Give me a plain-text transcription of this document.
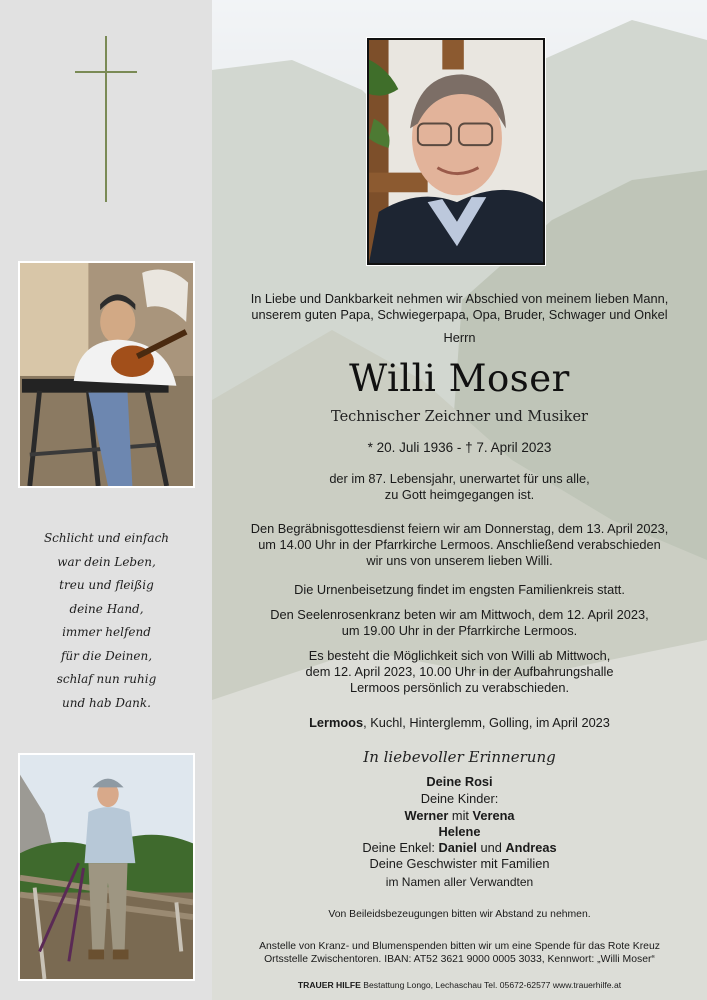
Schlicht und einfach
war dein Leben,
treu und fleißig
deine Hand,
immer helfend
für die Deinen,
schlaf nun ruhig
und hab Dank.
In Liebe und Dankbarkeit nehmen wir Abschied von meinem lieben Mann,
unserem guten Papa, Schwiegerpapa, Opa, Bruder, Schwager und Onkel
Herrn
Willi Moser
Technischer Zeichner und Musiker
* 20. Juli 1936 - † 7. April 2023
der im 87. Lebensjahr, unerwartet für uns alle,
zu Gott heimgegangen ist.
Den Begräbnisgottesdienst feiern wir am Donnerstag, dem 13. April 2023,
um 14.00 Uhr in der Pfarrkirche Lermoos. Anschließend verabschieden
wir uns von unserem lieben Willi.
Die Urnenbeisetzung findet im engsten Familienkreis statt.
Den Seelenrosenkranz beten wir am Mittwoch, dem 12. April 2023,
um 19.00 Uhr in der Pfarrkirche Lermoos.
Es besteht die Möglichkeit sich von Willi ab Mittwoch,
dem 12. April 2023, 10.00 Uhr in der Aufbahrungshalle
Lermoos persönlich zu verabschieden.
Lermoos, Kuchl, Hinterglemm, Golling, im April 2023
In liebevoller Erinnerung
Deine Rosi
Deine Kinder:
Werner mit Verena
Helene
Deine Enkel: Daniel und Andreas
Deine Geschwister mit Familien
im Namen aller Verwandten
Von Beileidsbezeugungen bitten wir Abstand zu nehmen.
Anstelle von Kranz- und Blumenspenden bitten wir um eine Spende für das Rote Kreuz
Ortsstelle Zwischentoren. IBAN: AT52 3621 9000 0005 3033, Kennwort: „Willi Moser“
TRAUER HILFE Bestattung Longo, Lechaschau Tel. 05672-62577 www.trauerhilfe.at
